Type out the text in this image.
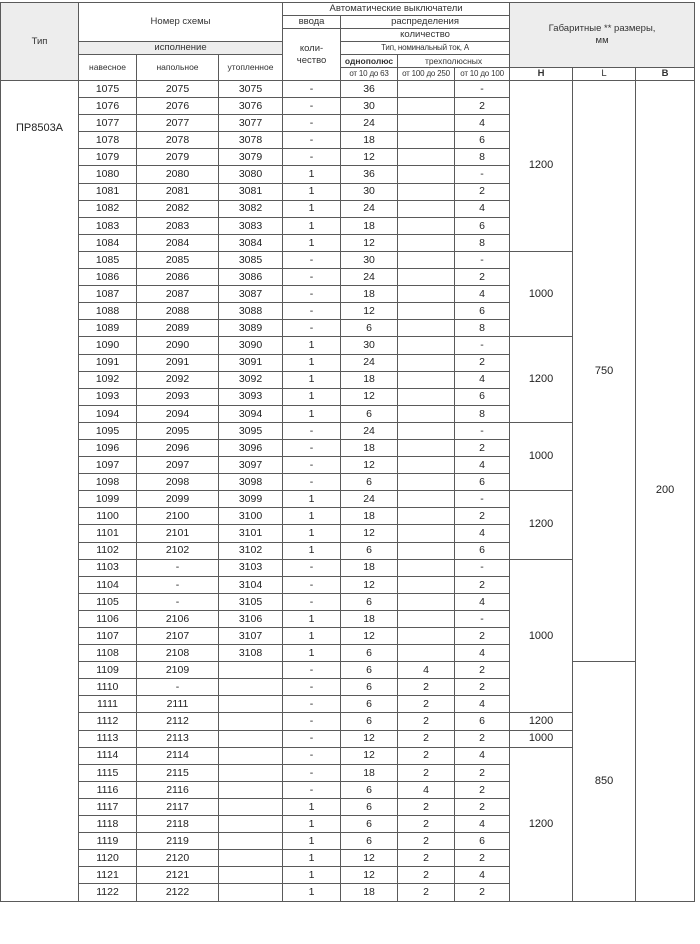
Тип	Номер схемы			Автоматические выключатели				Габаритные ** размеры, мм		
				ввода	распределения					
				коли-чество	количество					
	исполнение				Тип, номинальный ток, А					
	навесное	напольное	утопленное		однополюс	трехполюсных				
					от 10 до 63	от 100 до 250	от 10 до 100	Н	L	В
ПР8503А	1075	2075	3075	-	36		-	1200	750	200
	1076	2076	3076	-	30		2			
	1077	2077	3077	-	24		4			
	1078	2078	3078	-	18		6			
	1079	2079	3079	-	12		8			
	1080	2080	3080	1	36		-			
	1081	2081	3081	1	30		2			
	1082	2082	3082	1	24		4			
	1083	2083	3083	1	18		6			
	1084	2084	3084	1	12		8			
	1085	2085	3085	-	30		-	1000		
	1086	2086	3086	-	24		2			
	1087	2087	3087	-	18		4			
	1088	2088	3088	-	12		6			
	1089	2089	3089	-	6		8			
	1090	2090	3090	1	30		-	1200		
	1091	2091	3091	1	24		2			
	1092	2092	3092	1	18		4			
	1093	2093	3093	1	12		6			
	1094	2094	3094	1	6		8			
	1095	2095	3095	-	24		-	1000		
	1096	2096	3096	-	18		2			
	1097	2097	3097	-	12		4			
	1098	2098	3098	-	6		6			
	1099	2099	3099	1	24		-	1200		
	1100	2100	3100	1	18		2			
	1101	2101	3101	1	12		4			
	1102	2102	3102	1	6		6			
	1103	-	3103	-	18		-	1000		
	1104	-	3104	-	12		2			
	1105	-	3105	-	6		4			
	1106	2106	3106	1	18		-			
	1107	2107	3107	1	12		2			
	1108	2108	3108	1	6		4			
	1109	2109		-	6	4	2		850	
	1110	-		-	6	2	2			
	1111	2111		-	6	2	4			
	1112	2112		-	6	2	6	1200		
	1113	2113		-	12	2	2	1000		
	1114	2114		-	12	2	4	1200		
	1115	2115		-	18	2	2			
	1116	2116		-	6	4	2			
	1117	2117		1	6	2	2			
	1118	2118		1	6	2	4			
	1119	2119		1	6	2	6			
	1120	2120		1	12	2	2			
	1121	2121		1	12	2	4			
	1122	2122		1	18	2	2			
